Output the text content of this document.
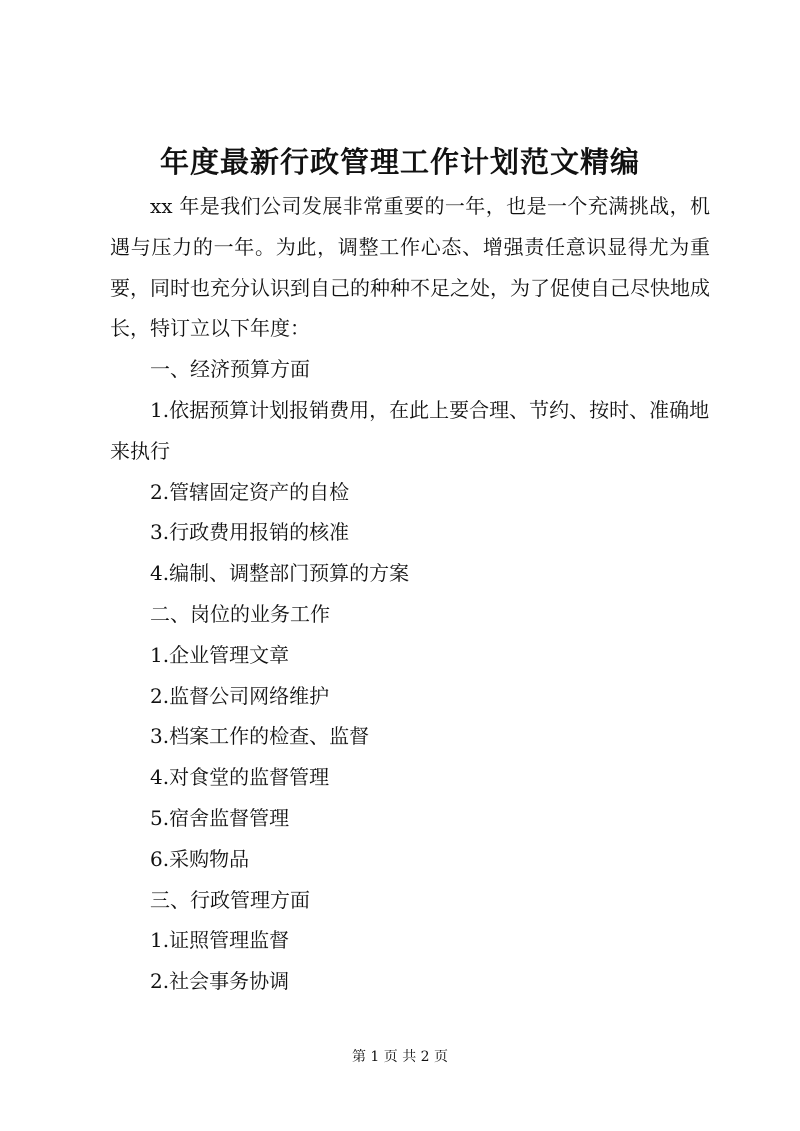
年度最新行政管理工作计划范文精编

xx 年是我们公司发展非常重要的一年，也是一个充满挑战，机遇与压力的一年。为此，调整工作心态、增强责任意识显得尤为重要，同时也充分认识到自己的种种不足之处，为了促使自己尽快地成长，特订立以下年度：

一、经济预算方面

1.依据预算计划报销费用，在此上要合理、节约、按时、准确地来执行

2.管辖固定资产的自检

3.行政费用报销的核准

4.编制、调整部门预算的方案

二、岗位的业务工作

1.企业管理文章

2.监督公司网络维护

3.档案工作的检查、监督

4.对食堂的监督管理

5.宿舍监督管理

6.采购物品

三、行政管理方面

1.证照管理监督

2.社会事务协调

第 1 页 共 2 页
